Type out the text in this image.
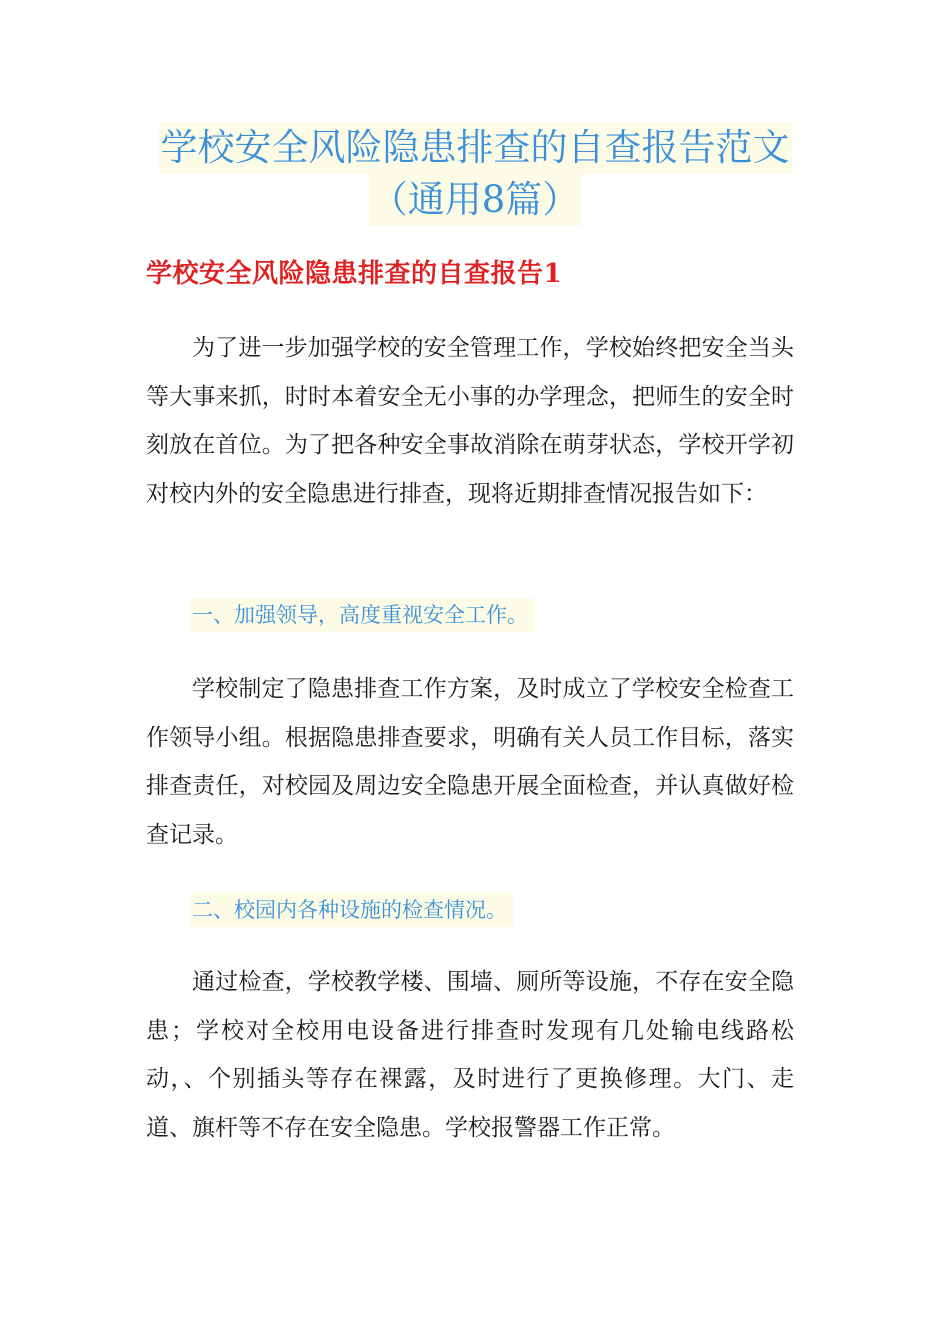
学校安全风险隐患排查的自查报告范文
（通用8篇）
学校安全风险隐患排查的自查报告1
为了进一步加强学校的安全管理工作，学校始终把安全当头等大事来抓，时时本着安全无小事的办学理念，把师生的安全时刻放在首位。为了把各种安全事故消除在萌芽状态，学校开学初对校内外的安全隐患进行排查，现将近期排查情况报告如下：
一、加强领导，高度重视安全工作。
学校制定了隐患排查工作方案，及时成立了学校安全检查工作领导小组。根据隐患排查要求，明确有关人员工作目标，落实排查责任，对校园及周边安全隐患开展全面检查，并认真做好检查记录。
二、校园内各种设施的检查情况。
通过检查，学校教学楼、围墙、厕所等设施，不存在安全隐患；学校对全校用电设备进行排查时发现有几处输电线路松动，、个别插头等存在裸露，及时进行了更换修理。大门、走道、旗杆等不存在安全隐患。学校报警器工作正常。
